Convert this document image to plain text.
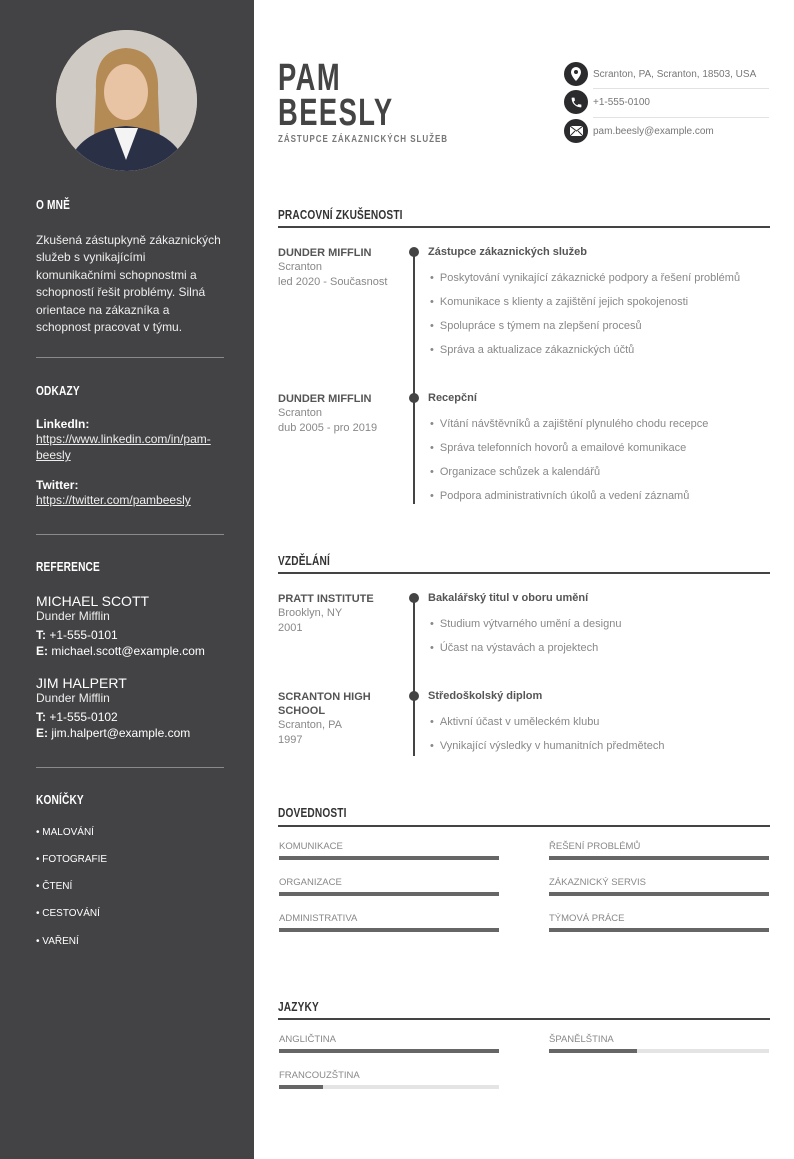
O MNĚ
Zkušená zástupkyně zákaznických služeb s vynikajícími komunikačními schopnostmi a schopností řešit problémy. Silná orientace na zákazníka a schopnost pracovat v týmu.
ODKAZY
LinkedIn:
https://www.linkedin.com/in/pam-beesly
Twitter:
https://twitter.com/pambeesly
REFERENCE
MICHAEL SCOTT
Dunder Mifflin
T: +1-555-0101
E: michael.scott@example.com
JIM HALPERT
Dunder Mifflin
T: +1-555-0102
E: jim.halpert@example.com
KONÍČKY
• MALOVÁNÍ
• FOTOGRAFIE
• ČTENÍ
• CESTOVÁNÍ
• VAŘENÍ
PAM
BEESLY
ZÁSTUPCE ZÁKAZNICKÝCH SLUŽEB
Scranton, PA, Scranton, 18503, USA
+1-555-0100
pam.beesly@example.com
PRACOVNÍ ZKUŠENOSTI
DUNDER MIFFLIN
Scranton
led 2020 - Současnost
Zástupce zákaznických služeb
• Poskytování vynikající zákaznické podpory a řešení problémů
• Komunikace s klienty a zajištění jejich spokojenosti
• Spolupráce s týmem na zlepšení procesů
• Správa a aktualizace zákaznických účtů
DUNDER MIFFLIN
Scranton
dub 2005 - pro 2019
Recepční
• Vítání návštěvníků a zajištění plynulého chodu recepce
• Správa telefonních hovorů a emailové komunikace
• Organizace schůzek a kalendářů
• Podpora administrativních úkolů a vedení záznamů
VZDĚLÁNÍ
PRATT INSTITUTE
Brooklyn, NY
2001
Bakalářský titul v oboru umění
• Studium výtvarného umění a designu
• Účast na výstavách a projektech
SCRANTON HIGH SCHOOL
Scranton, PA
1997
Středoškolský diplom
• Aktivní účast v uměleckém klubu
• Vynikající výsledky v humanitních předmětech
DOVEDNOSTI
KOMUNIKACE	ŘEŠENÍ PROBLÉMŮ
ORGANIZACE	ZÁKAZNICKÝ SERVIS
ADMINISTRATIVA	TÝMOVÁ PRÁCE
JAZYKY
ANGLIČTINA	ŠPANĚLŠTINA
FRANCOUZŠTINA
